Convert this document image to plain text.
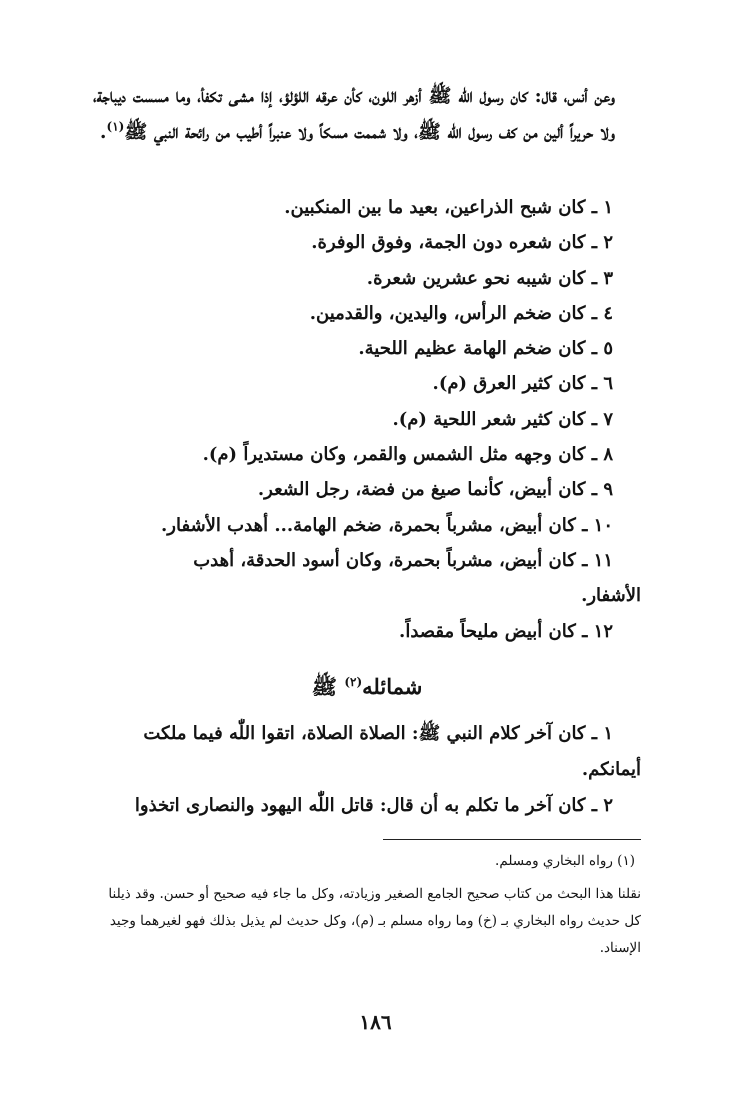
وعن أنس، قال: كان رسول اللّٰه ﷺ أزهر اللون، كأن عرقه اللؤلؤ، إذا مشى تكفأ، وما مسست ديباجة، ولا حريراً ألين من كف رسول اللّٰه ﷺ، ولا شممت مسكاً ولا عنبراً أطيب من رائحة النبي ﷺ$^{(١)}$.

١ ـ كان شبح الذراعين، بعيد ما بين المنكبين.
٢ ـ كان شعره دون الجمة، وفوق الوفرة.
٣ ـ كان شيبه نحو عشرين شعرة.
٤ ـ كان ضخم الرأس، واليدين، والقدمين.
٥ ـ كان ضخم الهامة عظيم اللحية.
٦ ـ كان كثير العرق (م).
٧ ـ كان كثير شعر اللحية (م).
٨ ـ كان وجهه مثل الشمس والقمر، وكان مستديراً (م).
٩ ـ كان أبيض، كأنما صيغ من فضة، رجل الشعر.
١٠ ـ كان أبيض، مشرباً بحمرة، ضخم الهامة... أهدب الأشفار.
١١ ـ كان أبيض، مشرباً بحمرة، وكان أسود الحدقة، أهدب
الأشفار.
١٢ ـ كان أبيض مليحاً مقصداً.
شمائله$^{(٢)}$ ﷺ
١ ـ كان آخر كلام النبي ﷺ: الصلاة الصلاة، اتقوا اللّٰه فيما ملكت
أيمانكم.
٢ ـ كان آخر ما تكلم به أن قال: قاتل اللّٰه اليهود والنصارى اتخذوا

(١) رواه البخاري ومسلم.

نقلنا هذا البحث من كتاب صحيح الجامع الصغير وزيادته، وكل ما جاء فيه صحيح أو حسن. وقد ذيلنا كل حديث رواه البخاري بـ (خ) وما رواه مسلم بـ (م)، وكل حديث لم يذيل بذلك فهو لغيرهما وجيد الإسناد.

١٨٦
